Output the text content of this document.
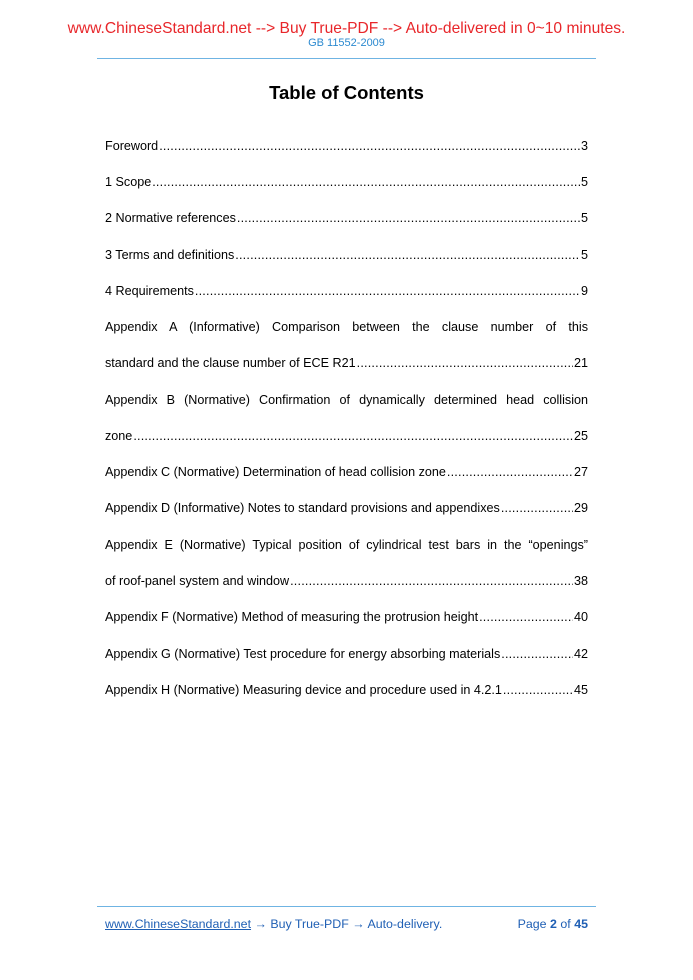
www.ChineseStandard.net --> Buy True-PDF --> Auto-delivered in 0~10 minutes.
GB 11552-2009
Table of Contents
Foreword .....	3
1 Scope .....	5
2 Normative references .....	5
3 Terms and definitions .....	5
4 Requirements .....	9
Appendix A (Informative) Comparison between the clause number of this
standard and the clause number of ECE R21 .....	21
Appendix B (Normative) Confirmation of dynamically determined head collision
zone .....	25
Appendix C (Normative) Determination of head collision zone .....	27
Appendix D (Informative) Notes to standard provisions and appendixes .....	29
Appendix E (Normative) Typical position of cylindrical test bars in the “openings”
of roof-panel system and window .....	38
Appendix F (Normative) Method of measuring the protrusion height .....	40
Appendix G (Normative) Test procedure for energy absorbing materials .....	42
Appendix H (Normative) Measuring device and procedure used in 4.2.1 .....	45
www.ChineseStandard.net → Buy True-PDF → Auto-delivery.	Page 2 of 45
